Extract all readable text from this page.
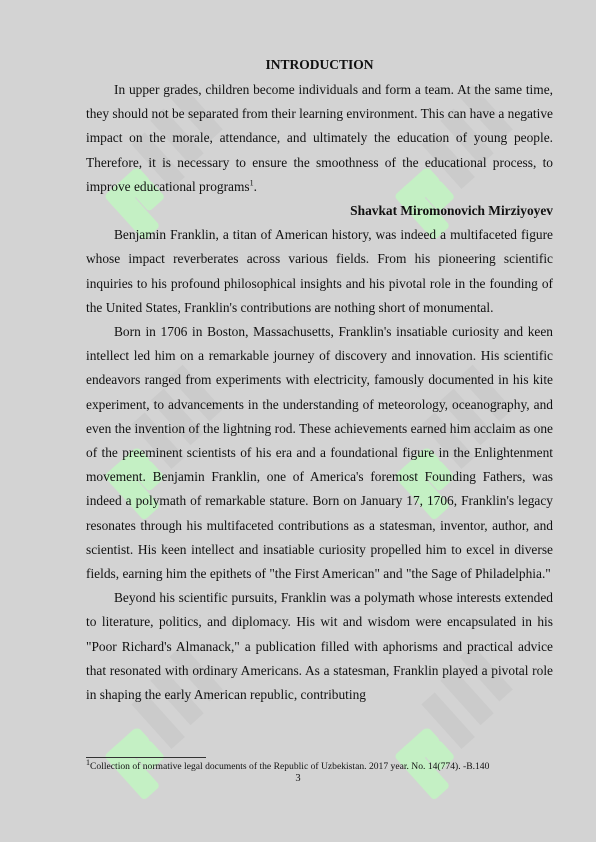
INTRODUCTION

In upper grades, children become individuals and form a team. At the same time, they should not be separated from their learning environment. This can have a negative impact on the morale, attendance, and ultimately the education of young people. Therefore, it is necessary to ensure the smoothness of the educational process, to improve educational programs$^1$.

Shavkat Miromonovich Mirziyoyev

Benjamin Franklin, a titan of American history, was indeed a multifaceted figure whose impact reverberates across various fields. From his pioneering scientific inquiries to his profound philosophical insights and his pivotal role in the founding of the United States, Franklin's contributions are nothing short of monumental.

Born in 1706 in Boston, Massachusetts, Franklin's insatiable curiosity and keen intellect led him on a remarkable journey of discovery and innovation. His scientific endeavors ranged from experiments with electricity, famously documented in his kite experiment, to advancements in the understanding of meteorology, oceanography, and even the invention of the lightning rod. These achievements earned him acclaim as one of the preeminent scientists of his era and a foundational figure in the Enlightenment movement. Benjamin Franklin, one of America's foremost Founding Fathers, was indeed a polymath of remarkable stature. Born on January 17, 1706, Franklin's legacy resonates through his multifaceted contributions as a statesman, inventor, author, and scientist. His keen intellect and insatiable curiosity propelled him to excel in diverse fields, earning him the epithets of "the First American" and "the Sage of Philadelphia."

Beyond his scientific pursuits, Franklin was a polymath whose interests extended to literature, politics, and diplomacy. His wit and wisdom were encapsulated in his "Poor Richard's Almanack," a publication filled with aphorisms and practical advice that resonated with ordinary Americans. As a statesman, Franklin played a pivotal role in shaping the early American republic, contributing

$^1$Collection of normative legal documents of the Republic of Uzbekistan. 2017 year. No. 14(774). -B.140
3
